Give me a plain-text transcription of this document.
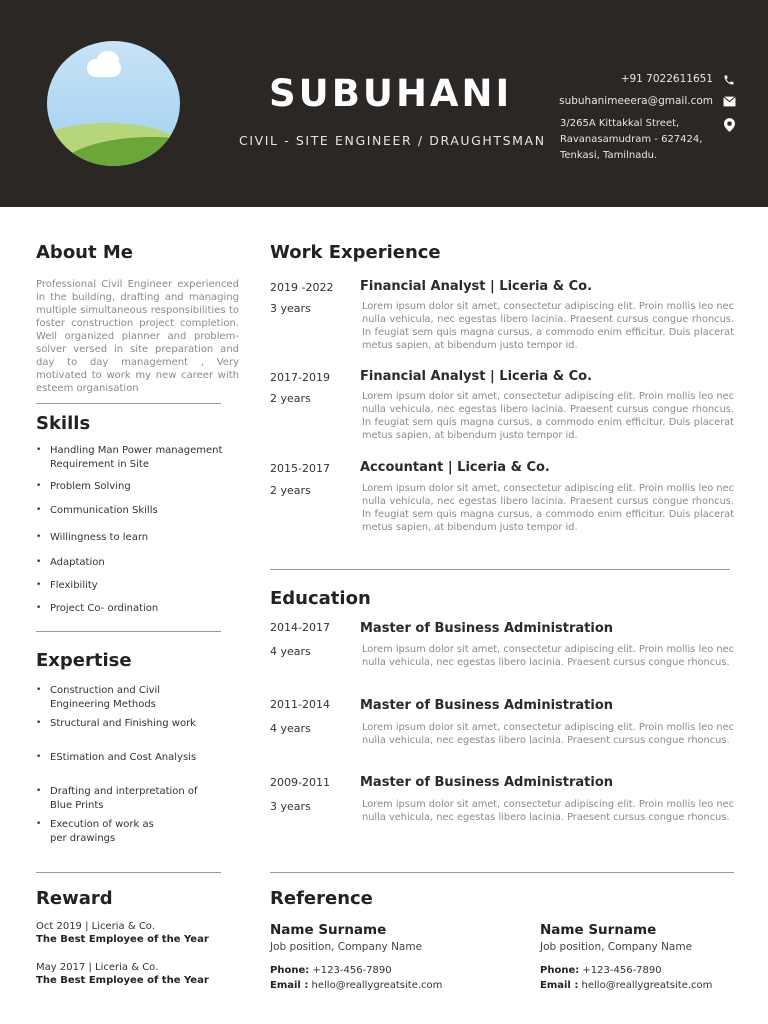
SUBUHANI
CIVIL - SITE ENGINEER / DRAUGHTSMAN
+91 7022611651
subuhanimeeera@gmail.com
3/265A Kittakkal Street,
Ravanasamudram - 627424,
Tenkasi, Tamilnadu.
About Me
Professional Civil Engineer experienced in the building, drafting and managing multiple simultaneous responsibilities to foster construction project completion. Well organized planner and problem-solver versed in site preparation and day to day management , Very motivated to work my new career with esteem organisation
Skills
• Handling Man Power management Requirement in Site
• Problem Solving
• Communication Skills
• Willingness to learn
• Adaptation
• Flexibility
• Project Co- ordination
Expertise
• Construction and Civil Engineering Methods
• Structural and Finishing work
• EStimation and Cost Analysis
• Drafting and interpretation of Blue Prints
• Execution of work as per drawings
Reward
Oct 2019 | Liceria & Co.
The Best Employee of the Year
May 2017 | Liceria & Co.
The Best Employee of the Year
Work Experience
2019 -2022
3 years
Financial Analyst | Liceria & Co.
Lorem ipsum dolor sit amet, consectetur adipiscing elit. Proin mollis leo nec nulla vehicula, nec egestas libero lacinia. Praesent cursus congue rhoncus. In feugiat sem quis magna cursus, a commodo enim efficitur. Duis placerat metus sapien, at bibendum justo tempor id.
2017-2019
2 years
Financial Analyst | Liceria & Co.
Lorem ipsum dolor sit amet, consectetur adipiscing elit. Proin mollis leo nec nulla vehicula, nec egestas libero lacinia. Praesent cursus congue rhoncus. In feugiat sem quis magna cursus, a commodo enim efficitur. Duis placerat metus sapien, at bibendum justo tempor id.
2015-2017
2 years
Accountant | Liceria & Co.
Lorem ipsum dolor sit amet, consectetur adipiscing elit. Proin mollis leo nec nulla vehicula, nec egestas libero lacinia. Praesent cursus congue rhoncus. In feugiat sem quis magna cursus, a commodo enim efficitur. Duis placerat metus sapien, at bibendum justo tempor id.
Education
2014-2017
4 years
Master of Business Administration
Lorem ipsum dolor sit amet, consectetur adipiscing elit. Proin mollis leo nec nulla vehicula, nec egestas libero lacinia. Praesent cursus congue rhoncus.
2011-2014
4 years
Master of Business Administration
Lorem ipsum dolor sit amet, consectetur adipiscing elit. Proin mollis leo nec nulla vehicula, nec egestas libero lacinia. Praesent cursus congue rhoncus.
2009-2011
3 years
Master of Business Administration
Lorem ipsum dolor sit amet, consectetur adipiscing elit. Proin mollis leo nec nulla vehicula, nec egestas libero lacinia. Praesent cursus congue rhoncus.
Reference
Name Surname
Job position, Company Name
Phone: +123-456-7890
Email : hello@reallygreatsite.com
Name Surname
Job position, Company Name
Phone: +123-456-7890
Email : hello@reallygreatsite.com
